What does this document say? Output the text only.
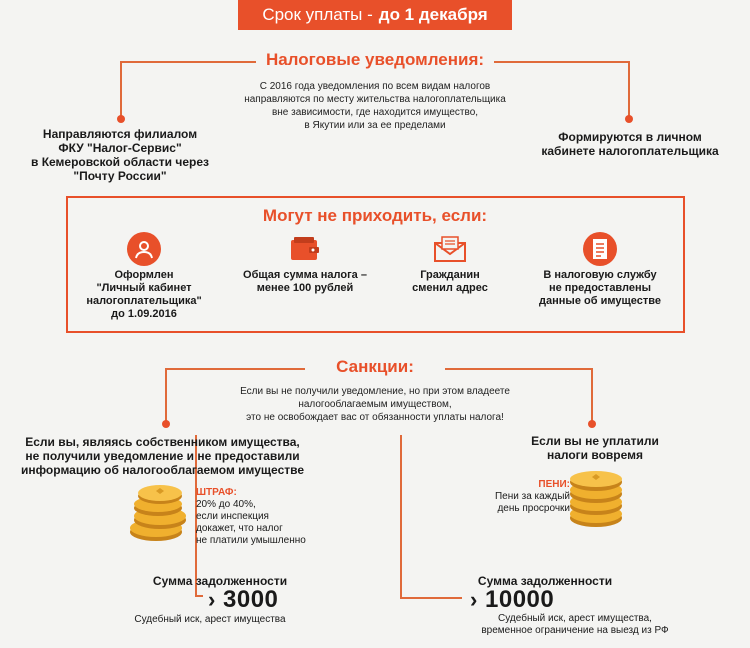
Срок уплаты - до 1 декабря
Налоговые уведомления:
С 2016 года уведомления по всем видам налогов
направляются по месту жительства налогоплательщика
вне зависимости, где находится имущество,
в Якутии или за ее пределами
Направляются филиалом
ФКУ "Налог-Сервис"
в Кемеровской области через
"Почту России"
Формируются в личном
кабинете налогоплательщика
Могут не приходить, если:
Оформлен
"Личный кабинет
налогоплательщика"
до 1.09.2016
Общая сумма налога –
менее 100 рублей
Гражданин
сменил адрес
В налоговую службу
не предоставлены
данные об имуществе
Санкции:
Если вы не получили уведомление, но при этом владеете
налогооблагаемым имуществом,
это не освобождает вас от обязанности уплаты налога!
Если вы, являясь собственником имущества,
не получили уведомление и не предоставили
информацию об налогооблагаемом имуществе
ШТРАФ:
20% до 40%,
если инспекция
докажет, что налог
не платили умышленно
Сумма задолженности
› 3000
Судебный иск, арест имущества
Если вы не уплатили
налоги вовремя
ПЕНИ:
Пени за каждый
день просрочки
Сумма задолженности
› 10000
Судебный иск, арест имущества,
временное ограничение на выезд из РФ
